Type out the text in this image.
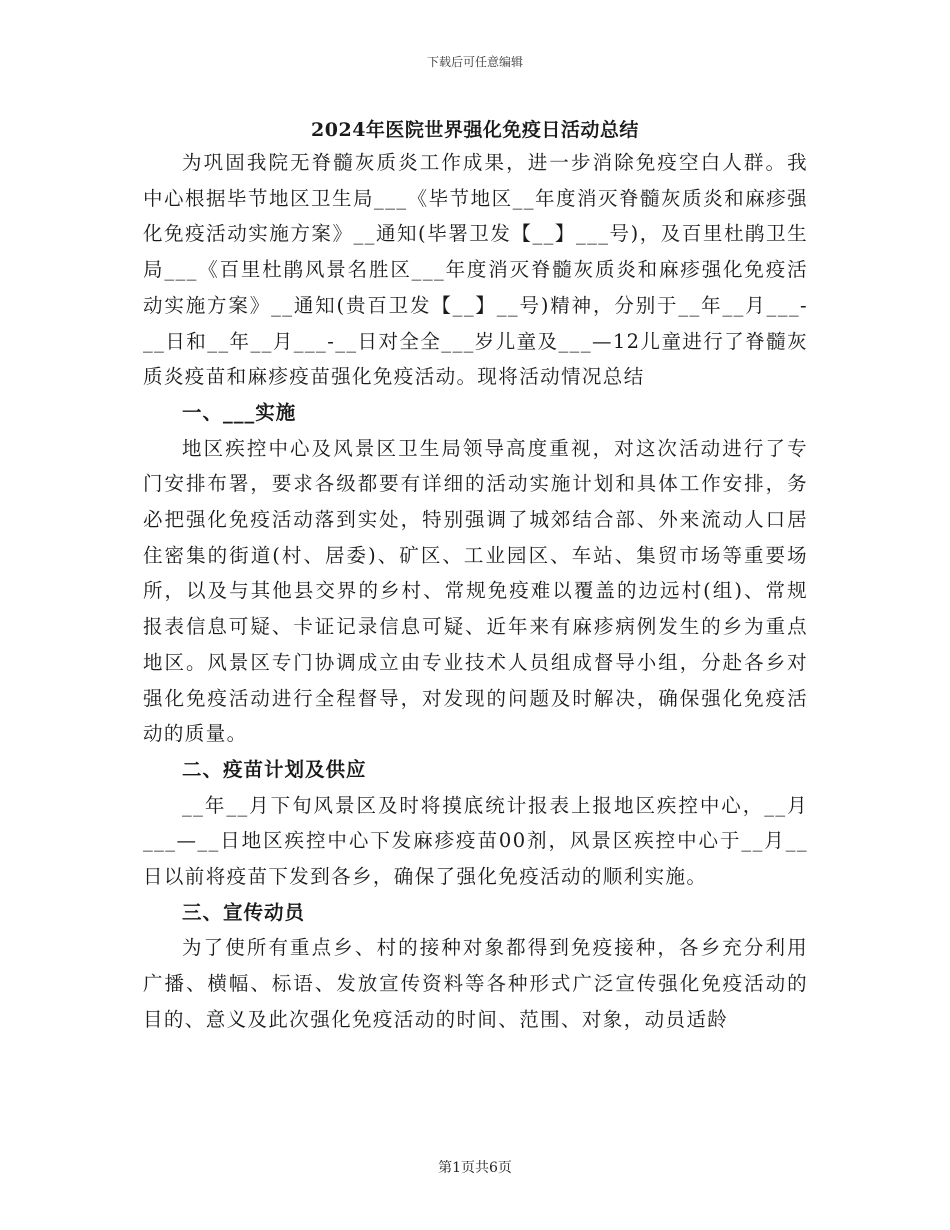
下载后可任意编辑
2024年医院世界强化免疫日活动总结

为巩固我院无脊髓灰质炎工作成果，进一步消除免疫空白人群。我中心根据毕节地区卫生局___《毕节地区__年度消灭脊髓灰质炎和麻疹强化免疫活动实施方案》__通知(毕署卫发【__】___号)，及百里杜鹃卫生局___《百里杜鹃风景名胜区___年度消灭脊髓灰质炎和麻疹强化免疫活动实施方案》__通知(贵百卫发【__】__号)精神，分别于__年__月___-__日和__年__月___-__日对全全___岁儿童及___—12儿童进行了脊髓灰质炎疫苗和麻疹疫苗强化免疫活动。现将活动情况总结

一、___实施

地区疾控中心及风景区卫生局领导高度重视，对这次活动进行了专门安排布署，要求各级都要有详细的活动实施计划和具体工作安排，务必把强化免疫活动落到实处，特别强调了城郊结合部、外来流动人口居住密集的街道(村、居委)、矿区、工业园区、车站、集贸市场等重要场所，以及与其他县交界的乡村、常规免疫难以覆盖的边远村(组)、常规报表信息可疑、卡证记录信息可疑、近年来有麻疹病例发生的乡为重点地区。风景区专门协调成立由专业技术人员组成督导小组，分赴各乡对强化免疫活动进行全程督导，对发现的问题及时解决，确保强化免疫活动的质量。

二、疫苗计划及供应

__年__月下旬风景区及时将摸底统计报表上报地区疾控中心，__月___—__日地区疾控中心下发麻疹疫苗00剂，风景区疾控中心于__月__日以前将疫苗下发到各乡，确保了强化免疫活动的顺利实施。

三、宣传动员

为了使所有重点乡、村的接种对象都得到免疫接种，各乡充分利用广播、横幅、标语、发放宣传资料等各种形式广泛宣传强化免疫活动的目的、意义及此次强化免疫活动的时间、范围、对象，动员适龄

第1页共6页
